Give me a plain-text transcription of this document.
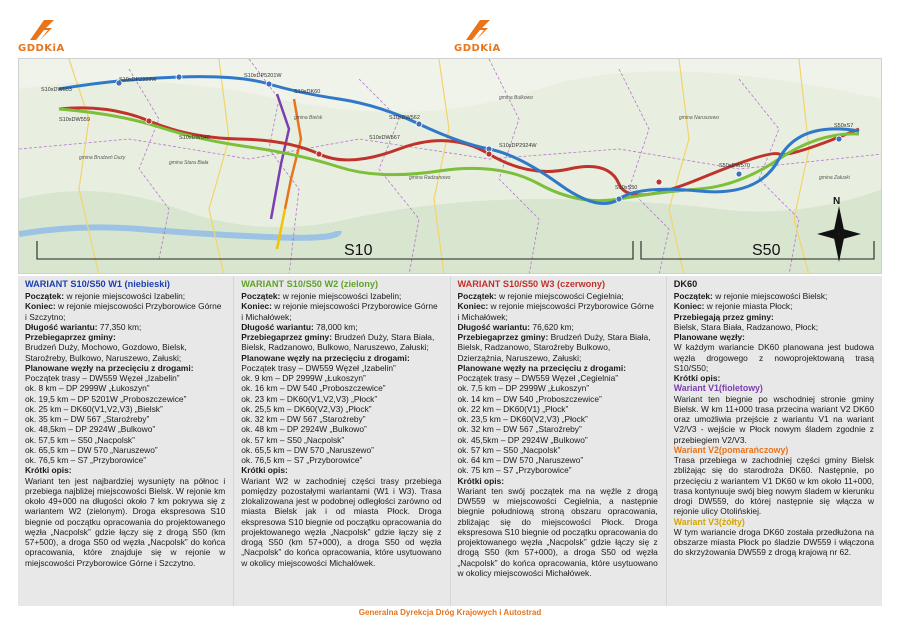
GDDKiA	GDDKiA
S10xDW553
S10xDP2999W
S10xDP5201W
S10xDK60
S10xDW540	S10xDW567
S10xDP2924W
S10xS50
S50xDW570
S50xS7
S10xDW562
S10xDW559
gmina Brudzeń Duży
gmina Bielsk
gmina Stara Biała
gmina Radzanowo
gmina Bulkowo
gmina Naruszewo
gmina Załuski
S10	S50
N
WARIANT S10/S50 W1 (niebieski)
Początek: w rejonie miejscowości Izabelin;
Koniec: w rejonie miejscowości Przyborowice Górne i Szczytno;
Długość wariantu: 77,350 km;
Przebiegaprzez gminy:
Brudzeń Duży, Mochowo, Gozdowo, Bielsk, Staroźreby, Bulkowo, Naruszewo, Załuski;
Planowane węzły na przecięciu z drogami:
Początek trasy – DW559 Węzeł „Izabelin”
ok. 8 km – DP 2999W „Łukoszyn”
ok. 19,5 km – DP 5201W „Proboszczewice”
ok. 25 km – DK60(V1,V2,V3) „Bielsk”
ok. 35 km – DW 567 „Staroźreby”
ok. 48,5km – DP 2924W „Bulkowo”
ok. 57,5 km – S50 „Nacpolsk”
ok. 65,5 km – DW 570 „Naruszewo”
ok. 76,5 km – S7 „Przyborowice”
Krótki opis:
Wariant ten jest najbardziej wysunięty na północ i przebiega najbliżej miejscowości Bielsk. W rejonie km około 49+000 na długości około 7 km pokrywa się z wariantem W2 (zielonym). Droga ekspresowa S10 biegnie od początku opracowania do projektowanego węzła „Nacpolsk” gdzie łączy się z drogą S50 (km 57+500), a droga S50 od węzła „Nacpolsk” do końca opracowania, które znajduje się w rejonie w miejscowości Przyborowice Górne i Szczytno.
WARIANT S10/S50 W2 (zielony)
Początek: w rejonie miejscowości Izabelin;
Koniec: w rejonie miejscowości Przyborowice Górne i Michałówek;
Długość wariantu: 78,000 km;
Przebiegaprzez gminy: Brudzeń Duży, Stara Biała, Bielsk, Radzanowo, Bulkowo, Naruszewo, Załuski;
Planowane węzły na przecięciu z drogami:
Początek trasy – DW559 Węzeł „Izabelin”
ok. 9 km – DP 2999W „Łukoszyn”
ok. 16 km – DW 540 „Proboszczewice”
ok. 23 km – DK60(V1,V2,V3) „Płock”
ok. 25,5 km – DK60(V2,V3) „Płock”
ok. 32 km – DW 567 „Staroźreby”
ok. 48 km – DP 2924W „Bulkowo”
ok. 57 km – S50 „Nacpolsk”
ok. 65,5 km – DW 570 „Naruszewo”
ok. 76,5 km – S7 „Przyborowice”
Krótki opis:
Wariant W2 w zachodniej części trasy przebiega pomiędzy pozostałymi wariantami (W1 i W3). Trasa zlokalizowana jest w podobnej odległości zarówno od miasta Bielsk jak i od miasta Płock. Droga ekspresowa S10 biegnie od początku opracowania do projektowanego węzła „Nacpolsk” gdzie łączy się z drogą S50 (km 57+000), a droga S50 od węzła „Nacpolsk” do końca opracowania, które usytuowano w okolicy miejscowości Michałówek.
WARIANT S10/S50 W3 (czerwony)
Początek: w rejonie miejscowości Cegielnia;
Koniec: w rejonie miejscowości Przyborowice Górne i Michałówek;
Długość wariantu: 76,620 km;
Przebiegaprzez gminy: Brudzeń Duży, Stara Biała, Bielsk, Radzanowo, Staroźreby Bulkowo, Dzierzążnia, Naruszewo, Załuski;
Planowane węzły na przecięciu z drogami:
Początek trasy – DW559 Węzeł „Cegielnia”
ok. 7,5 km – DP 2999W „Łukoszyn”
ok. 14 km – DW 540 „Proboszczewice”
ok. 22 km – DK60(V1) „Płock”
ok. 23,5 km – DK60(V2,V3) „Płock”
ok. 32 km – DW 567 „Staroźreby”
ok. 45,5km – DP 2924W „Bulkowo”
ok. 57 km – S50 „Nacpolsk”
ok. 64 km – DW 570 „Naruszewo”
ok. 75 km – S7 „Przyborowice”
Krótki opis:
Wariant ten swój początek ma na węźle z drogą DW559 w miejscowości Cegielnia, a następnie biegnie południową stroną obszaru opracowania, zbliżając się do miejscowości Płock. Droga ekspresowa S10 biegnie od początku opracowania do projektowanego węzła „Nacpolsk” gdzie łączy się z drogą S50 (km 57+000), a droga S50 od węzła „Nacpolsk” do końca opracowania, które usytuowano w okolicy miejscowości Michałówek.
DK60
Początek: w rejonie miejscowości Bielsk;
Koniec: w rejonie miasta Płock;
Przebiegają przez gminy:
Bielsk, Stara Biała, Radzanowo, Płock;
Planowane węzły:
W każdym wariancie DK60 planowana jest budowa węzła drogowego z nowoprojektowaną trasą S10/S50;
Krótki opis:
Wariant V1(fioletowy)
Wariant ten biegnie po wschodniej stronie gminy Bielsk. W km 11+000 trasa przecina wariant V2 DK60 oraz umożliwia przejście z wariantu V1 na wariant V2/V3 - wejście w Płock nowym śladem zgodnie z przebiegiem V2/V3.
Wariant V2(pomarańczowy)
Trasa przebiega w zachodniej części gminy Bielsk zbliżając się do starodroża DK60. Następnie, po przecięciu z wariantem V1 DK60 w km około 11+000, trasa kontynuuje swój bieg nowym śladem w kierunku drogi DW559, do której następnie się włącza w rejonie ulicy Otolińskiej.
Wariant V3(żółty)
W tym wariancie droga DK60 została przedłużona na obszarze miasta Płock po śladzie DW559 i włączona do skrzyżowania DW559 z drogą krajową nr 62.
Generalna Dyrekcja Dróg Krajowych i Autostrad
